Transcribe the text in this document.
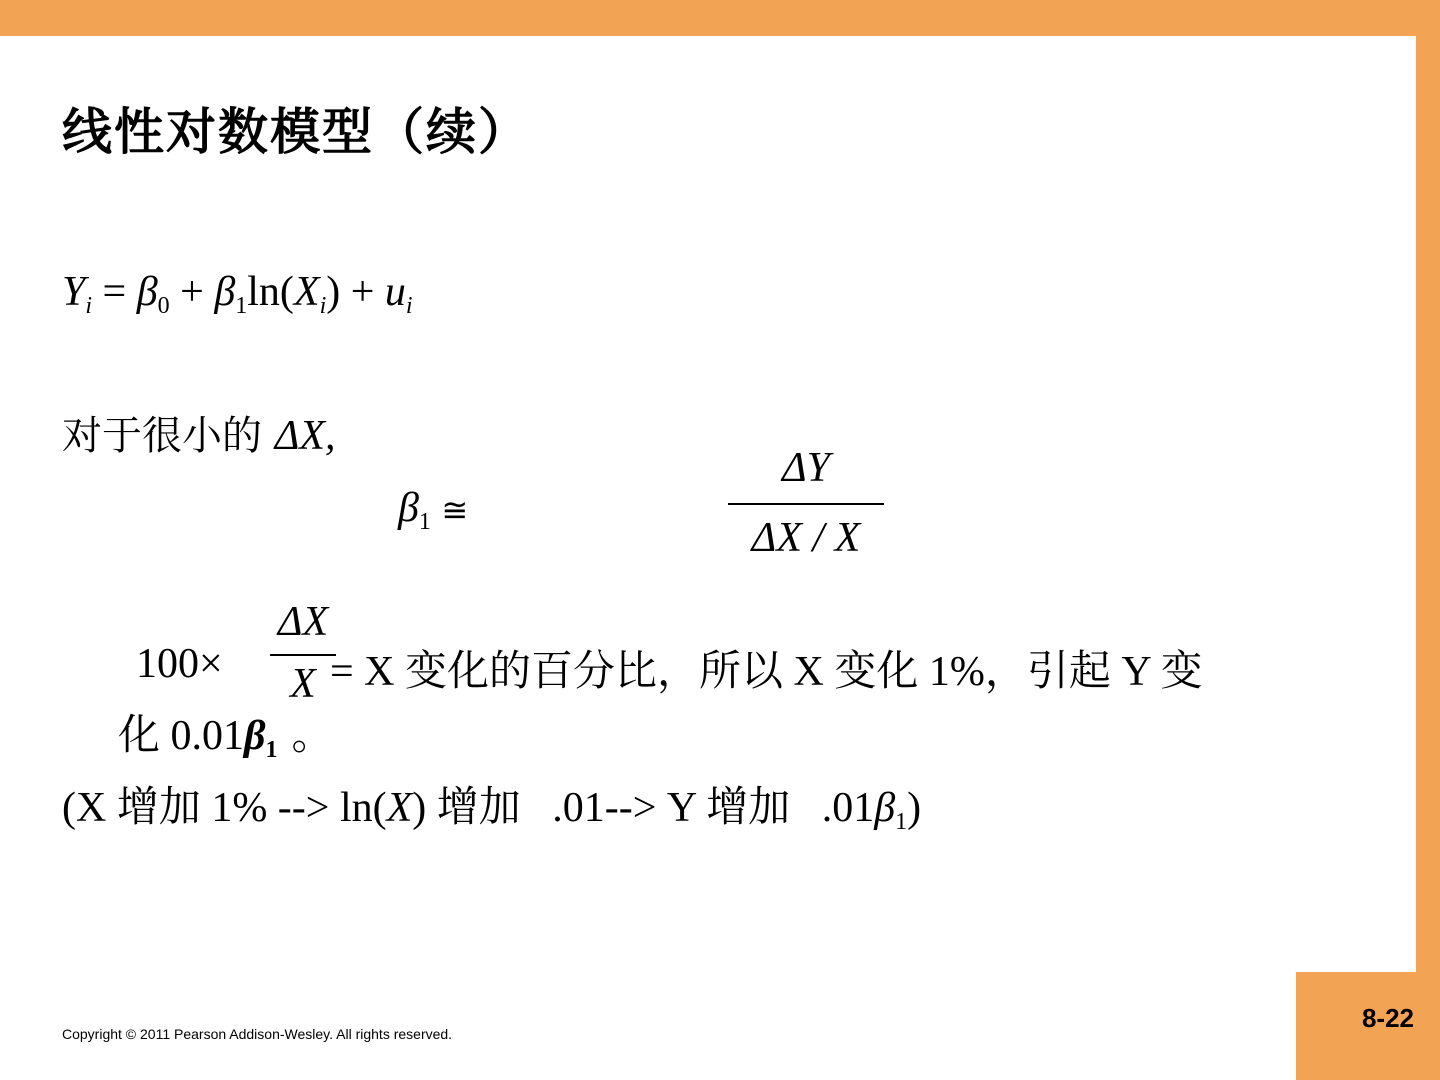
8-22
线性对数模型（续）
$Y_i = \beta_0 + \beta_1\ln(X_i) + u_i$
对于很小的 ΔX,
$\beta_1$ ≅
ΔY
ΔX / X
100×
ΔX
X = X 变化的百分比，所以 X 变化 1%，引起 Y 变
化 $0.01\beta_1$ 。
(X 增加 1% --> ln(X) 增加   .01--> Y 增加   $.01\beta_1$)
Copyright © 2011 Pearson Addison-Wesley. All rights reserved.
